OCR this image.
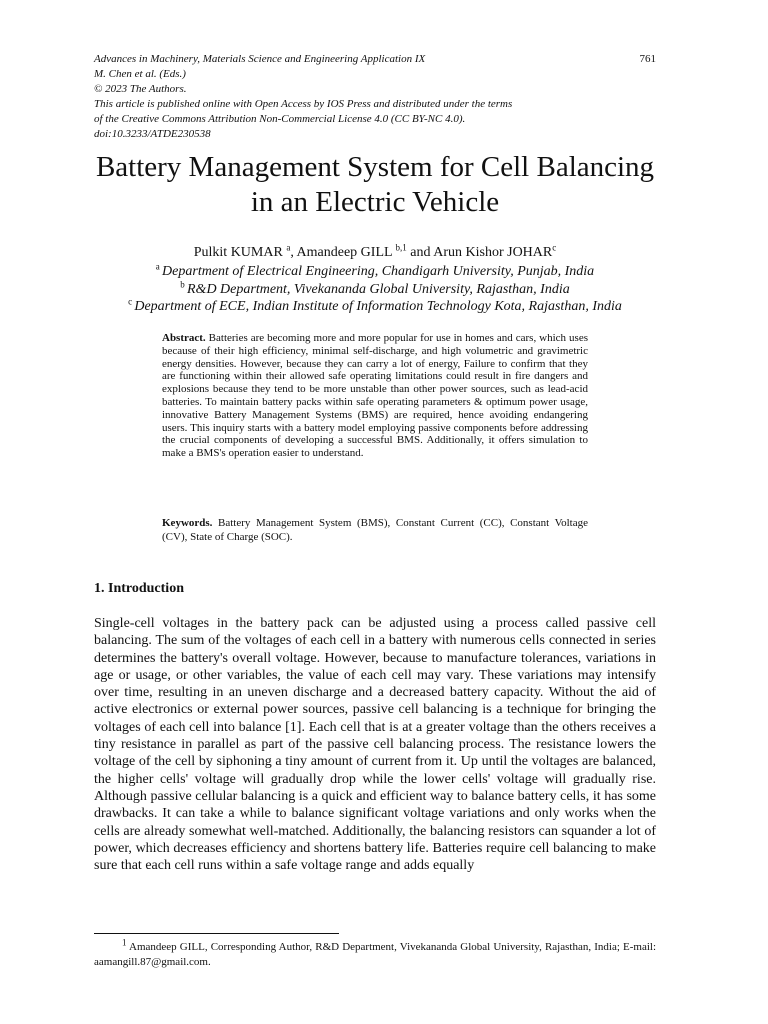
Advances in Machinery, Materials Science and Engineering Application IX	761
M. Chen et al. (Eds.)
© 2023 The Authors.
This article is published online with Open Access by IOS Press and distributed under the terms
of the Creative Commons Attribution Non-Commercial License 4.0 (CC BY-NC 4.0).
doi:10.3233/ATDE230538
Battery Management System for Cell Balancing in an Electric Vehicle
Pulkit KUMAR $^a$, Amandeep GILL $^{b,1}$ and Arun Kishor JOHAR$^c$
$^a$ Department of Electrical Engineering, Chandigarh University, Punjab, India
$^b$ R&D Department, Vivekananda Global University, Rajasthan, India
$^c$ Department of ECE, Indian Institute of Information Technology Kota, Rajasthan, India
Abstract. Batteries are becoming more and more popular for use in homes and cars, which uses because of their high efficiency, minimal self-discharge, and high volumetric and gravimetric energy densities. However, because they can carry a lot of energy, Failure to confirm that they are functioning within their allowed safe operating limitations could result in fire dangers and explosions because they tend to be more unstable than other power sources, such as lead-acid batteries. To maintain battery packs within safe operating parameters & optimum power usage, innovative Battery Management Systems (BMS) are required, hence avoiding endangering users. This inquiry starts with a battery model employing passive components before addressing the crucial components of developing a successful BMS. Additionally, it offers simulation to make a BMS's operation easier to understand.
Keywords. Battery Management System (BMS), Constant Current (CC), Constant Voltage (CV), State of Charge (SOC).
1. Introduction
Single-cell voltages in the battery pack can be adjusted using a process called passive cell balancing. The sum of the voltages of each cell in a battery with numerous cells connected in series determines the battery's overall voltage. However, because to manufacture tolerances, variations in age or usage, or other variables, the value of each cell may vary. These variations may intensify over time, resulting in an uneven discharge and a decreased battery capacity. Without the aid of active electronics or external power sources, passive cell balancing is a technique for bringing the voltages of each cell into balance [1]. Each cell that is at a greater voltage than the others receives a tiny resistance in parallel as part of the passive cell balancing process. The resistance lowers the voltage of the cell by siphoning a tiny amount of current from it. Up until the voltages are balanced, the higher cells' voltage will gradually drop while the lower cells' voltage will gradually rise. Although passive cellular balancing is a quick and efficient way to balance battery cells, it has some drawbacks. It can take a while to balance significant voltage variations and only works when the cells are already somewhat well-matched. Additionally, the balancing resistors can squander a lot of power, which decreases efficiency and shortens battery life. Batteries require cell balancing to make sure that each cell runs within a safe voltage range and adds equally
$^1$ Amandeep GILL, Corresponding Author, R&D Department, Vivekananda Global University, Rajasthan, India; E-mail: aamangill.87@gmail.com.
